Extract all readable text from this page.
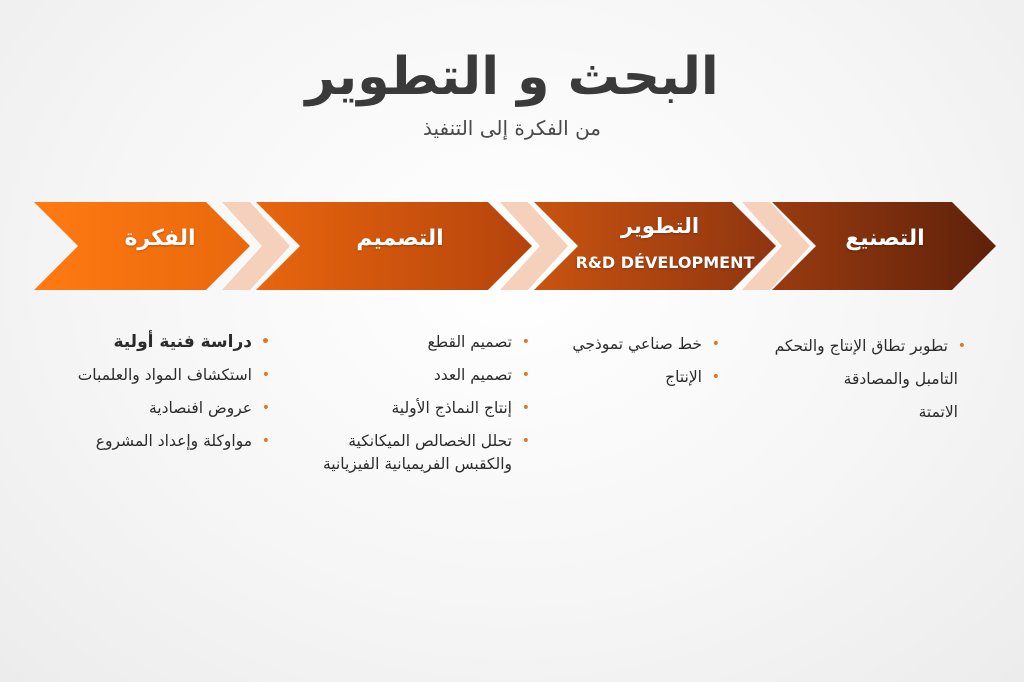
البحث و التطوير
من الفكرة إلى التنفيذ
الفكرة	التصميم	التطوير
R&D DÉVELOPMENT
التصنيع
•
دراسة فنية أولية
•
استكشاف المواد والعلمبات
•
عروض افنصادية
•
مواوكلة وإعداد المشروع
•
تصميم القطع
•
تصميم العدد
•
إنتاج النماذج الأولية
•
تحلل الخصالص الميكانكية
والكقبس الفريميانية الفيزيانية
•
خط صناعي تموذجي
•
الإنتاج
•
تطوبر تطاق الإنتاج والتحكم
التامبل والمصادقة
الاتمتة
